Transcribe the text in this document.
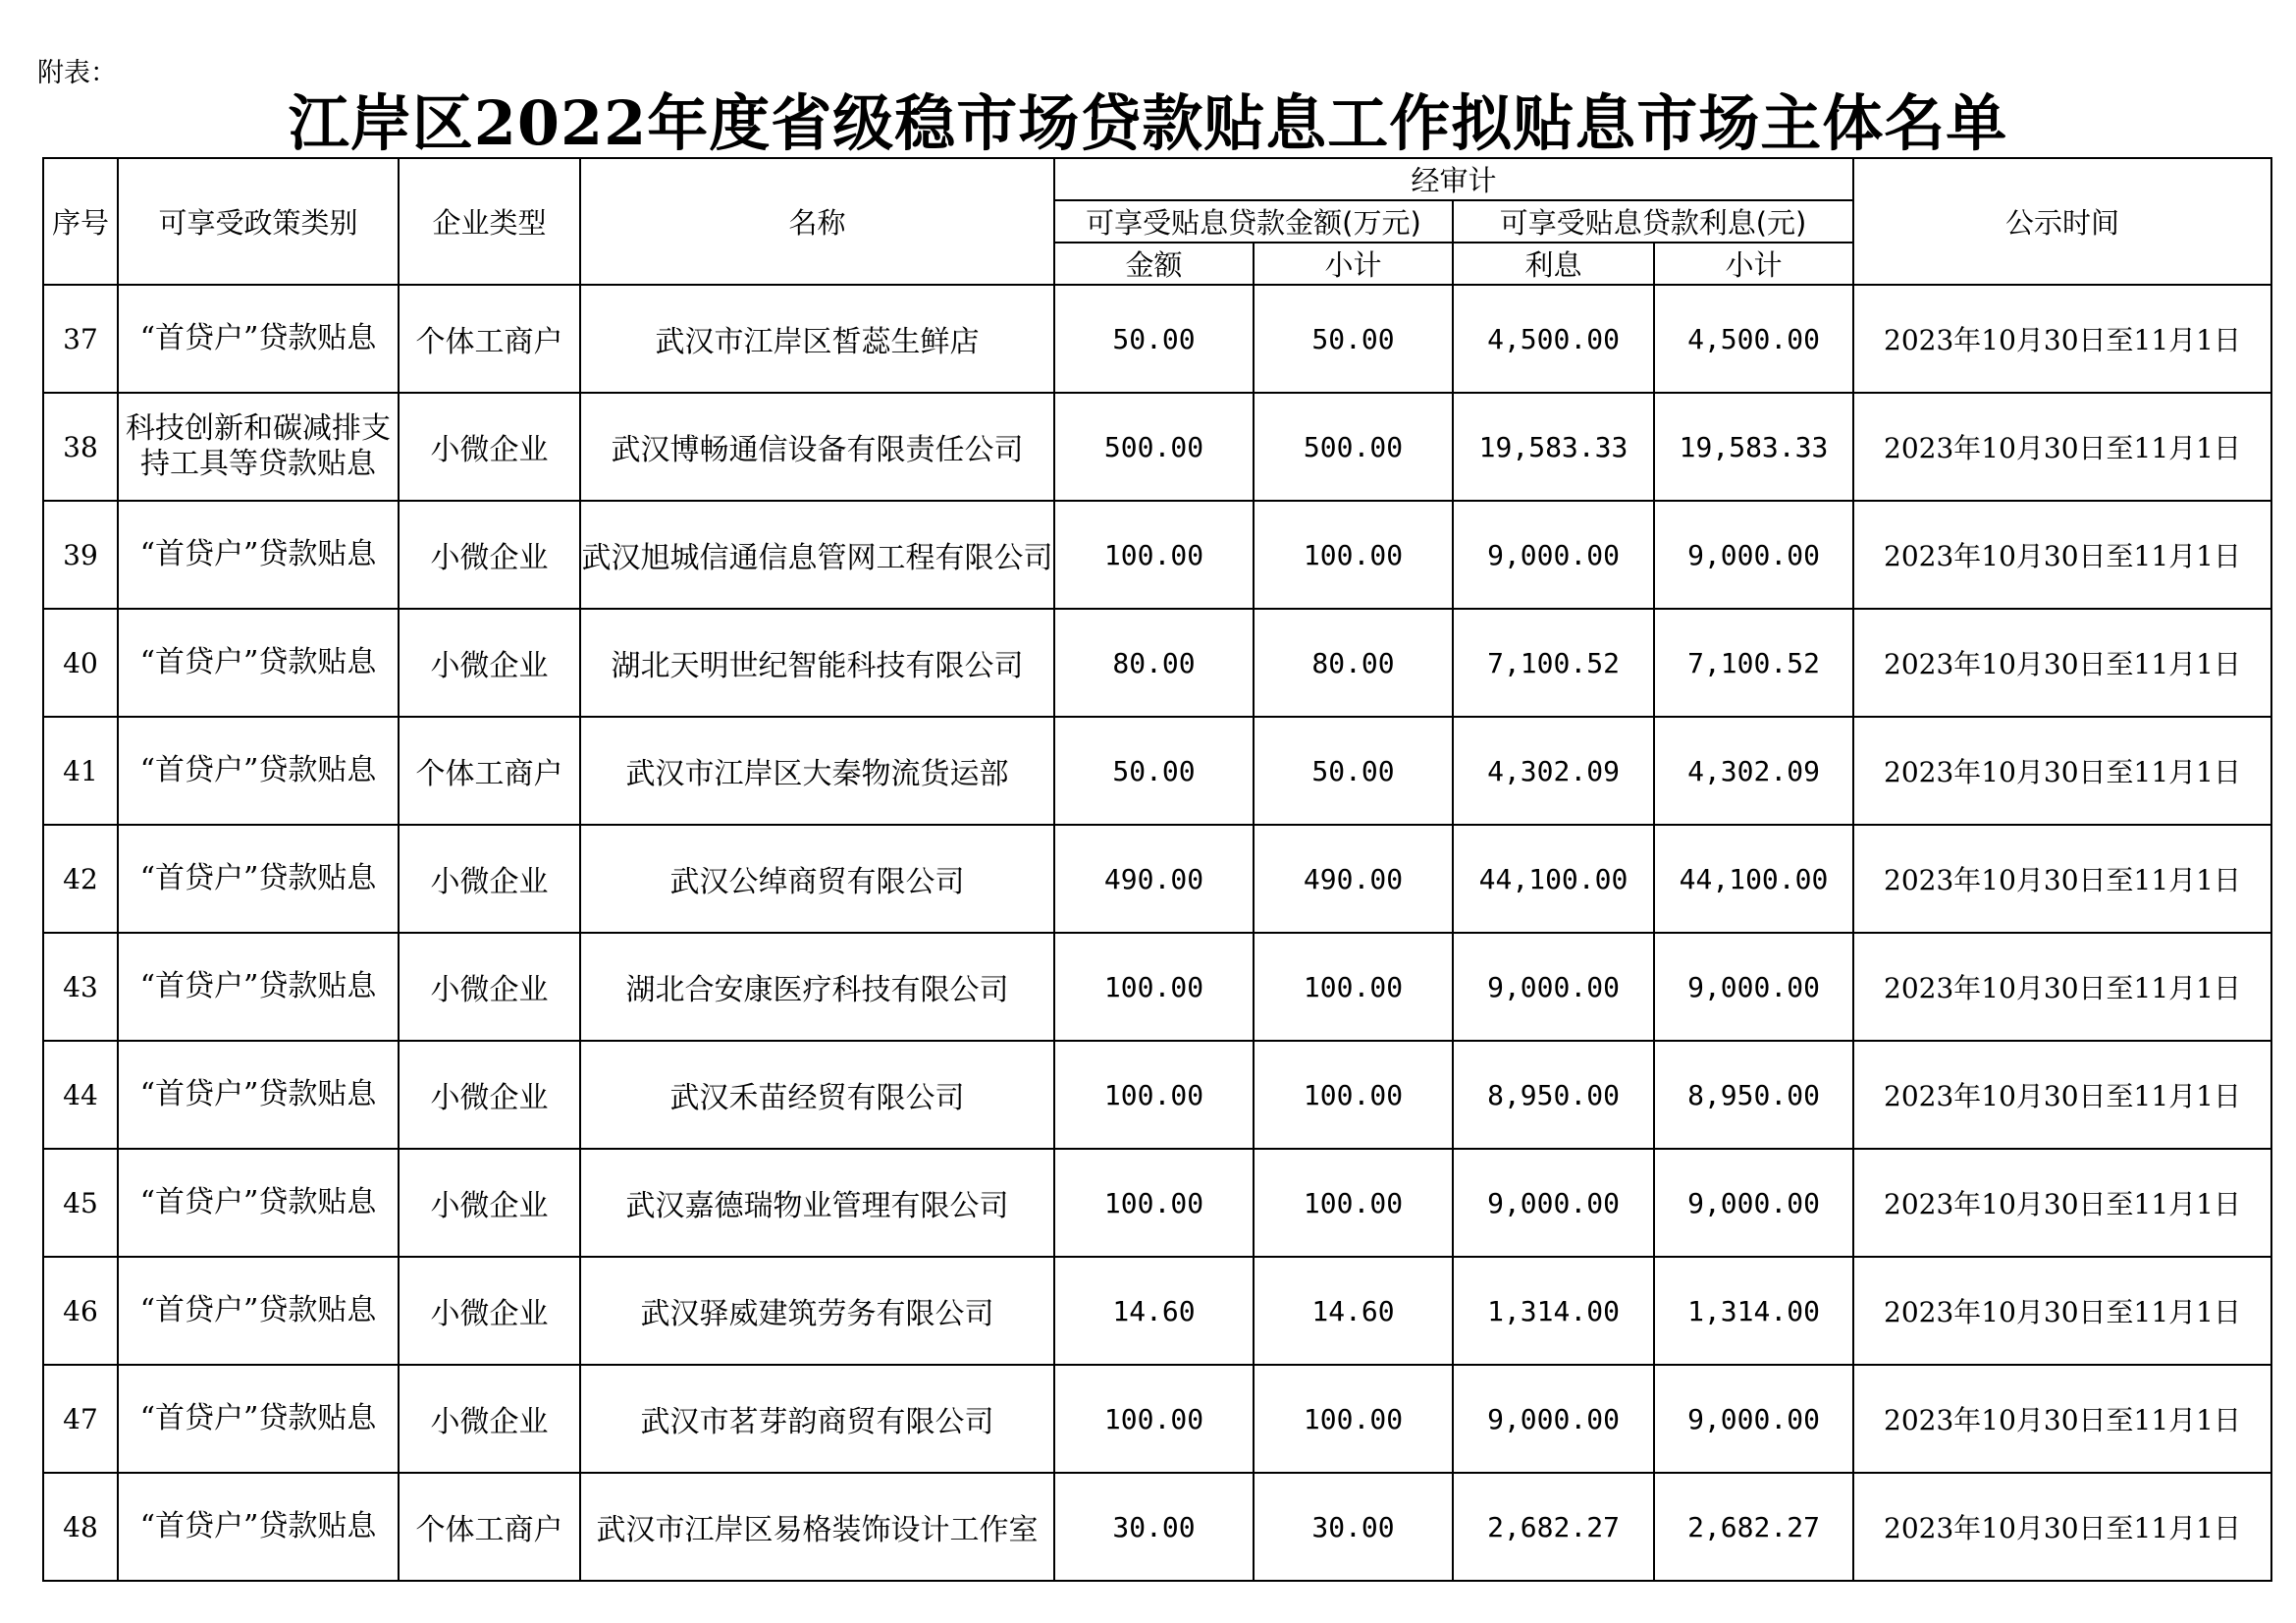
附表：
江岸区2022年度省级稳市场贷款贴息工作拟贴息市场主体名单
序号	可享受政策类别	企业类型	名称	经审计				公示时间
				可享受贴息贷款金额(万元)		可享受贴息贷款利息(元)		
				金额	小计	利息	小计	
37	“首贷户”贷款贴息	个体工商户	武汉市江岸区皙蕊生鲜店	50.00	50.00	4,500.00	4,500.00	2023年10月30日至11月1日
38	科技创新和碳减排支持工具等贷款贴息	小微企业	武汉博畅通信设备有限责任公司	500.00	500.00	19,583.33	19,583.33	2023年10月30日至11月1日
39	“首贷户”贷款贴息	小微企业	武汉旭城信通信息管网工程有限公司	100.00	100.00	9,000.00	9,000.00	2023年10月30日至11月1日
40	“首贷户”贷款贴息	小微企业	湖北天明世纪智能科技有限公司	80.00	80.00	7,100.52	7,100.52	2023年10月30日至11月1日
41	“首贷户”贷款贴息	个体工商户	武汉市江岸区大秦物流货运部	50.00	50.00	4,302.09	4,302.09	2023年10月30日至11月1日
42	“首贷户”贷款贴息	小微企业	武汉公绰商贸有限公司	490.00	490.00	44,100.00	44,100.00	2023年10月30日至11月1日
43	“首贷户”贷款贴息	小微企业	湖北合安康医疗科技有限公司	100.00	100.00	9,000.00	9,000.00	2023年10月30日至11月1日
44	“首贷户”贷款贴息	小微企业	武汉禾苗经贸有限公司	100.00	100.00	8,950.00	8,950.00	2023年10月30日至11月1日
45	“首贷户”贷款贴息	小微企业	武汉嘉德瑞物业管理有限公司	100.00	100.00	9,000.00	9,000.00	2023年10月30日至11月1日
46	“首贷户”贷款贴息	小微企业	武汉驿威建筑劳务有限公司	14.60	14.60	1,314.00	1,314.00	2023年10月30日至11月1日
47	“首贷户”贷款贴息	小微企业	武汉市茗芽韵商贸有限公司	100.00	100.00	9,000.00	9,000.00	2023年10月30日至11月1日
48	“首贷户”贷款贴息	个体工商户	武汉市江岸区易格装饰设计工作室	30.00	30.00	2,682.27	2,682.27	2023年10月30日至11月1日
